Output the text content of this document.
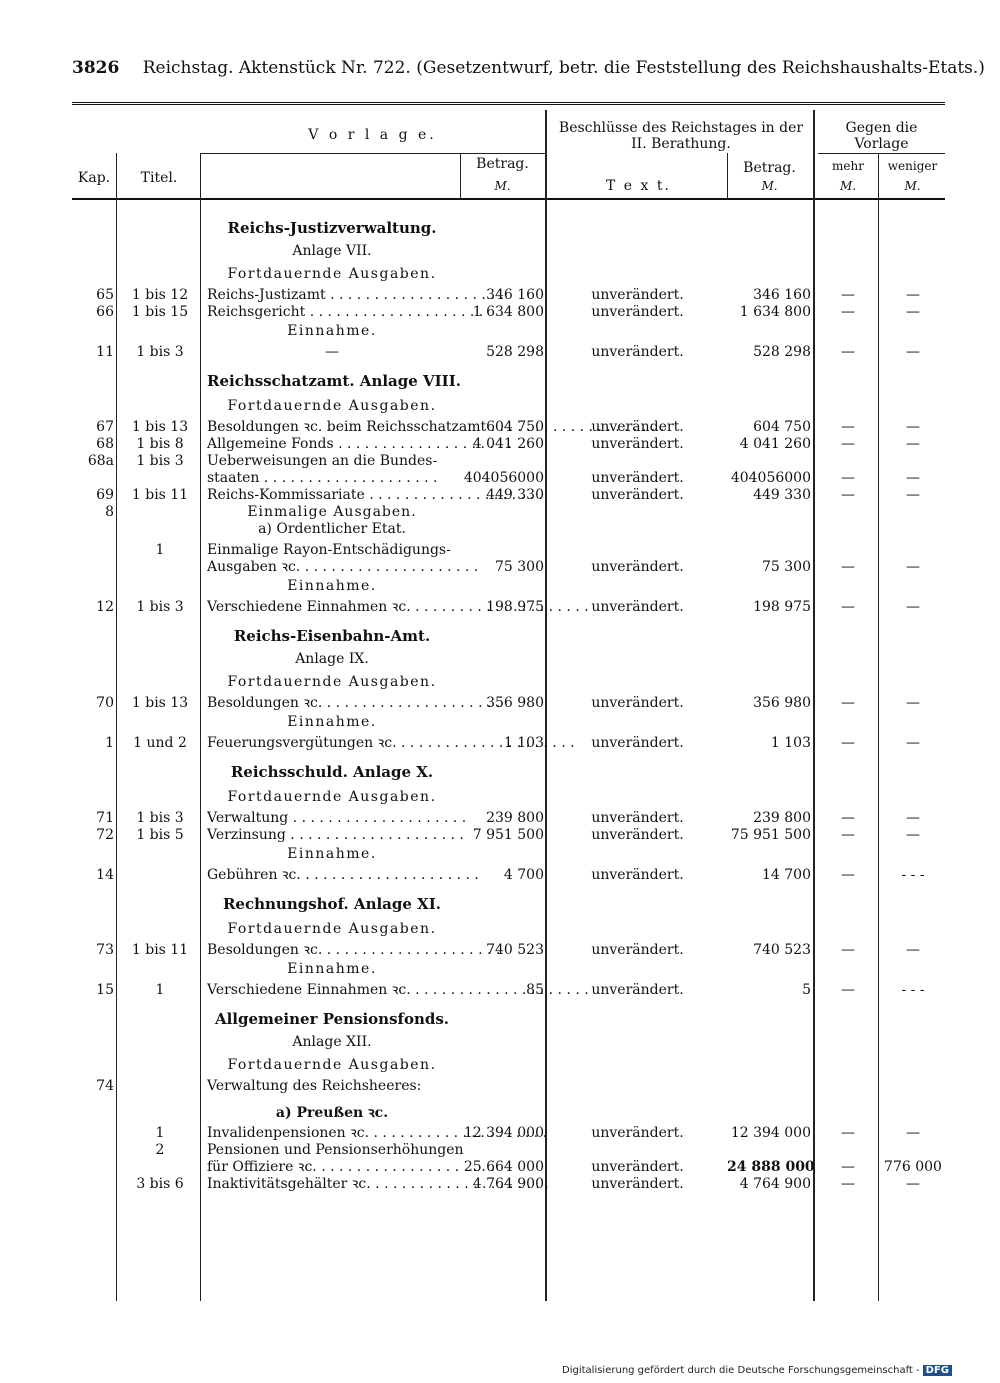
3826 Reichstag. Aktenstück Nr. 722. (Gesetzentwurf, betr. die Feststellung des Reichshaushalts-Etats.)
V o r l a g e.	Beschlüsse des Reichstages in der II. Berathung.
Gegen die Vorlage
Kap.	Titel.
Betrag.
M.	T e x t.
Betrag.
M.
mehr
M.
weniger
M.
Reichs-Justizverwaltung.
Anlage VII.
Fortdauernde Ausgaben.
65	1 bis 12	Reichs-Justizamt . . .	346 160	unverändert.	346 160	—	—
66	1 bis 15	Reichsgericht . . .	1 634 800	unverändert.	1 634 800	—	—
Einnahme.
11	1 bis 3	—	528 298	unverändert.	528 298	—	—
Reichsschatzamt. Anlage VIII.
Fortdauernde Ausgaben.
67	1 bis 13	Besoldungen ꝛc. beim Reichsschatzamt . . . 604 750	unverändert.	604 750	—	—
68	1 bis 8	Allgemeine Fonds . . .	4 041 260	unverändert.	4 041 260	—	—
68a	1 bis 3	Ueberweisungen an die Bundes-
staaten . . .	404056000	unverändert.	404056000	—	—
69	1 bis 11	Reichs-Kommissariate . . .	449 330	unverändert.	449 330	—	—
8	Einmalige Ausgaben.
a) Ordentlicher Etat.
1	Einmalige Rayon-Entschädigungs-
Ausgaben ꝛc. . . .	75 300	unverändert.	75 300	—	—
Einnahme.
12	1 bis 3	Verschiedene Einnahmen ꝛc. . . .	198 975	unverändert.	198 975	—	—
Reichs-Eisenbahn-Amt.
Anlage IX.
Fortdauernde Ausgaben.
70	1 bis 13	Besoldungen ꝛc. . . .	356 980	unverändert.	356 980	—	—
Einnahme.
1	1 und 2	Feuerungsvergütungen ꝛc. . . .	1 103	unverändert.	1 103	—	—
Reichsschuld. Anlage X.
Fortdauernde Ausgaben.
71	1 bis 3	Verwaltung . . .	239 800	unverändert.	239 800	—	—
72	1 bis 5	Verzinsung . . .	7 951 500	unverändert.	75 951 500	—	—
Einnahme.
14	Gebühren ꝛc. . . .	4 700	unverändert.	14 700	—	- - -
Rechnungshof. Anlage XI.
Fortdauernde Ausgaben.
73	1 bis 11	Besoldungen ꝛc. . . .	740 523	unverändert.	740 523	—	—
Einnahme.
15	1	Verschiedene Einnahmen ꝛc. . . .	85	unverändert.	5	—	- - -
Allgemeiner Pensionsfonds.
Anlage XII.
Fortdauernde Ausgaben.
74	Verwaltung des Reichsheeres:
a) Preußen ꝛc.
1	Invalidenpensionen ꝛc. . . .	12 394 000	unverändert.	12 394 000	—	—
2	Pensionen und Pensionserhöhungen
für Offiziere ꝛc. . . .	25 664 000	unverändert.	24 888 000	—	776 000
3 bis 6	Inaktivitätsgehälter ꝛc. . . .	4 764 900	unverändert.	4 764 900	—	—
Digitalisierung gefördert durch die Deutsche Forschungsgemeinschaft - DFG
